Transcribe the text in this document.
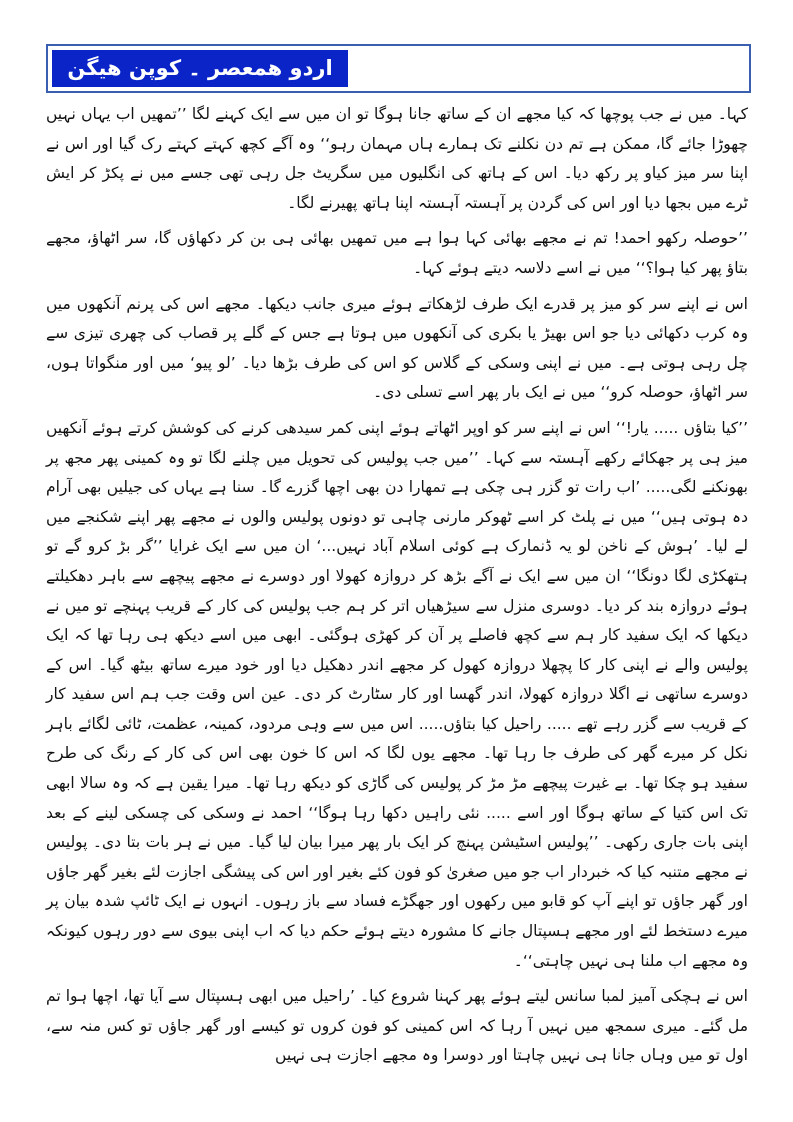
اردو ھمعصر ۔ کوپن ھیگن

کہا۔ میں نے جب پوچھا کہ کیا مجھے ان کے ساتھ جانا ہوگا تو ان میں سے ایک کہنے لگا ’’تمھیں اب یہاں نہیں چھوڑا جائے گا، ممکن ہے تم دن نکلنے تک ہمارے ہاں مہمان رہو‘‘ وہ آگے کچھ کہتے کہتے رک گیا اور اس نے اپنا سر میز کیاو پر رکھ دیا۔ اس کے ہاتھ کی انگلیوں میں سگریٹ جل رہی تھی جسے میں نے پکڑ کر ایش ٹرے میں بجھا دیا اور اس کی گردن پر آہستہ آہستہ اپنا ہاتھ پھیرنے لگا۔

’’حوصلہ رکھو احمد! تم نے مجھے بھائی کہا ہوا ہے میں تمھیں بھائی ہی بن کر دکھاؤں گا، سر اٹھاؤ، مجھے بتاؤ پھر کیا ہوا؟‘‘ میں نے اسے دلاسہ دیتے ہوئے کہا۔

اس نے اپنے سر کو میز پر قدرے ایک طرف لڑھکاتے ہوئے میری جانب دیکھا۔ مجھے اس کی پرنم آنکھوں میں وہ کرب دکھائی دیا جو اس بھیڑ یا بکری کی آنکھوں میں ہوتا ہے جس کے گلے پر قصاب کی چھری تیزی سے چل رہی ہوتی ہے۔ میں نے اپنی وسکی کے گلاس کو اس کی طرف بڑھا دیا۔ ’لو پیو‘ میں اور منگواتا ہوں، سر اٹھاؤ، حوصلہ کرو‘‘ میں نے ایک بار پھر اسے تسلی دی۔

’’کیا بتاؤں ..... یار!‘‘ اس نے اپنے سر کو اوپر اٹھاتے ہوئے اپنی کمر سیدھی کرنے کی کوشش کرتے ہوئے آنکھیں میز ہی پر جھکائے رکھے آہستہ سے کہا۔ ’’میں جب پولیس کی تحویل میں چلنے لگا تو وہ کمینی پھر مجھ پر بھونکنے لگی..... ’اب رات تو گزر ہی چکی ہے تمھارا دن بھی اچھا گزرے گا۔ سنا ہے یہاں کی جیلیں بھی آرام دہ ہوتی ہیں‘‘ میں نے پلٹ کر اسے ٹھوکر مارنی چاہی تو دونوں پولیس والوں نے مجھے پھر اپنے شکنجے میں لے لیا۔ ’ہوش کے ناخن لو یہ ڈنمارک ہے کوئی اسلام آباد نہیں...‘ ان میں سے ایک غرایا ’’گر بڑ کرو گے تو ہتھکڑی لگا دونگا‘‘ ان میں سے ایک نے آگے بڑھ کر دروازہ کھولا اور دوسرے نے مجھے پیچھے سے باہر دھکیلتے ہوئے دروازہ بند کر دیا۔ دوسری منزل سے سیڑھیاں اتر کر ہم جب پولیس کی کار کے قریب پہنچے تو میں نے دیکھا کہ ایک سفید کار ہم سے کچھ فاصلے پر آن کر کھڑی ہوگئی۔ ابھی میں اسے دیکھ ہی رہا تھا کہ ایک پولیس والے نے اپنی کار کا پچھلا دروازہ کھول کر مجھے اندر دھکیل دیا اور خود میرے ساتھ بیٹھ گیا۔ اس کے دوسرے ساتھی نے اگلا دروازہ کھولا، اندر گھسا اور کار سٹارٹ کر دی۔ عین اس وقت جب ہم اس سفید کار کے قریب سے گزر رہے تھے ..... راحیل کیا بتاؤں..... اس میں سے وہی مردود، کمینہ، عظمت، ٹائی لگائے باہر نکل کر میرے گھر کی طرف جا رہا تھا۔ مجھے یوں لگا کہ اس کا خون بھی اس کی کار کے رنگ کی طرح سفید ہو چکا تھا۔ بے غیرت پیچھے مڑ مڑ کر پولیس کی گاڑی کو دیکھ رہا تھا۔ میرا یقین ہے کہ وہ سالا ابھی تک اس کتیا کے ساتھ ہوگا اور اسے ..... نئی راہیں دکھا رہا ہوگا‘‘ احمد نے وسکی کی چسکی لینے کے بعد اپنی بات جاری رکھی۔ ’’پولیس اسٹیشن پہنچ کر ایک بار پھر میرا بیان لیا گیا۔ میں نے ہر بات بتا دی۔ پولیس نے مجھے متنبہ کیا کہ خبردار اب جو میں صغریٰ کو فون کئے بغیر اور اس کی پیشگی اجازت لئے بغیر گھر جاؤں اور گھر جاؤں تو اپنے آپ کو قابو میں رکھوں اور جھگڑے فساد سے باز رہوں۔ انہوں نے ایک ٹائپ شدہ بیان پر میرے دستخط لئے اور مجھے ہسپتال جانے کا مشورہ دیتے ہوئے حکم دیا کہ اب اپنی بیوی سے دور رہوں کیونکہ وہ مجھے اب ملنا ہی نہیں چاہتی‘‘۔

اس نے ہچکی آمیز لمبا سانس لیتے ہوئے پھر کہنا شروع کیا۔ ’راحیل میں ابھی ہسپتال سے آیا تھا، اچھا ہوا تم مل گئے۔ میری سمجھ میں نہیں آ رہا کہ اس کمینی کو فون کروں تو کیسے اور گھر جاؤں تو کس منہ سے، اول تو میں وہاں جانا ہی نہیں چاہتا اور دوسرا وہ مجھے اجازت ہی نہیں
